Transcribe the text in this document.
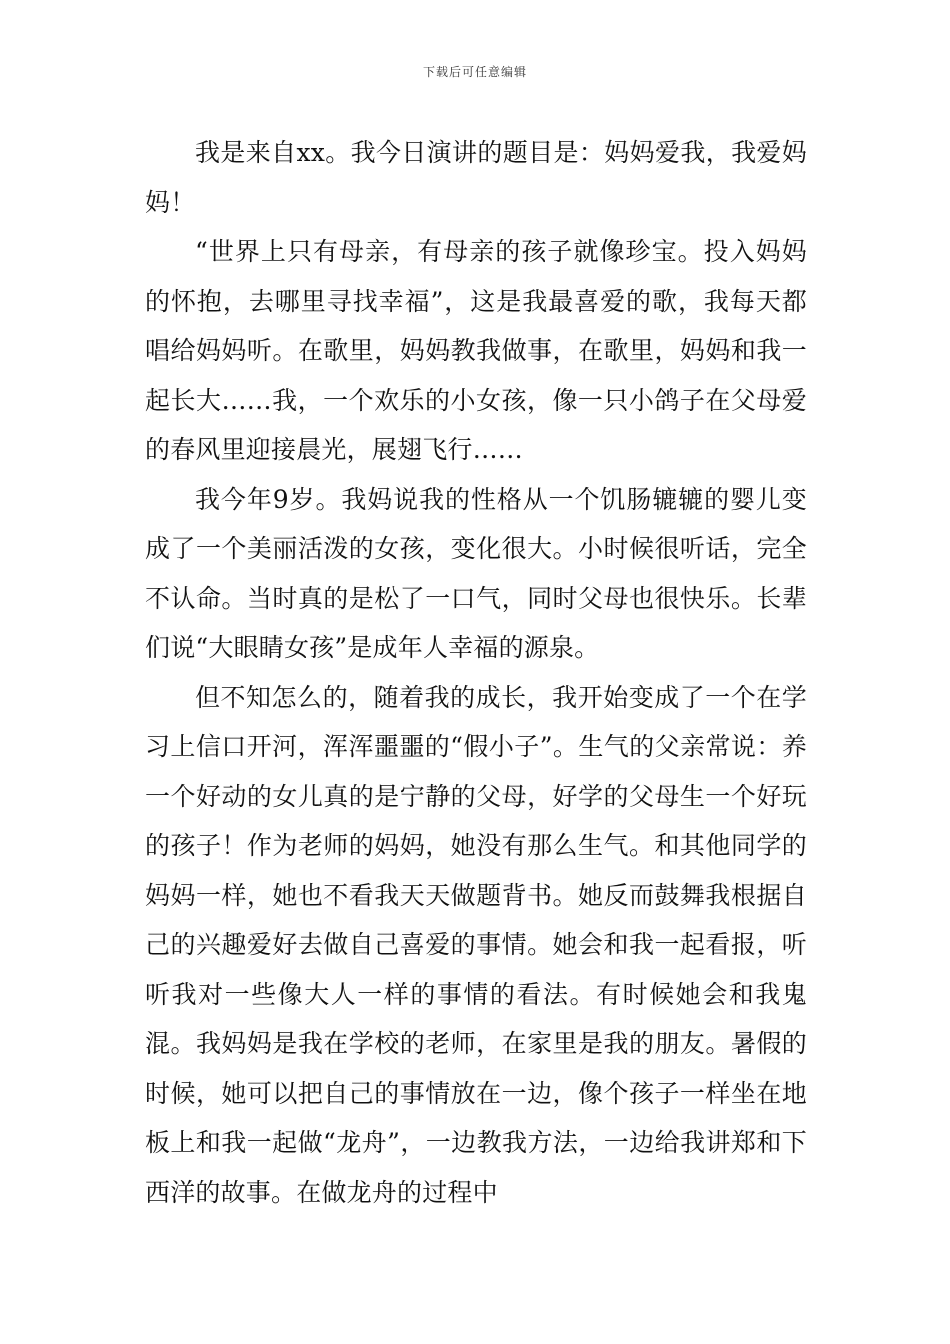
下载后可任意编辑

我是来自xx。我今日演讲的题目是：妈妈爱我，我爱妈妈！

“世界上只有母亲，有母亲的孩子就像珍宝。投入妈妈的怀抱，去哪里寻找幸福”，这是我最喜爱的歌，我每天都唱给妈妈听。在歌里，妈妈教我做事，在歌里，妈妈和我一起长大……我，一个欢乐的小女孩，像一只小鸽子在父母爱的春风里迎接晨光，展翅飞行……

我今年9岁。我妈说我的性格从一个饥肠辘辘的婴儿变成了一个美丽活泼的女孩，变化很大。小时候很听话，完全不认命。当时真的是松了一口气，同时父母也很快乐。长辈们说“大眼睛女孩”是成年人幸福的源泉。

但不知怎么的，随着我的成长，我开始变成了一个在学习上信口开河，浑浑噩噩的“假小子”。生气的父亲常说：养一个好动的女儿真的是宁静的父母，好学的父母生一个好玩的孩子！作为老师的妈妈，她没有那么生气。和其他同学的妈妈一样，她也不看我天天做题背书。她反而鼓舞我根据自己的兴趣爱好去做自己喜爱的事情。她会和我一起看报，听听我对一些像大人一样的事情的看法。有时候她会和我鬼混。我妈妈是我在学校的老师，在家里是我的朋友。暑假的时候，她可以把自己的事情放在一边，像个孩子一样坐在地板上和我一起做“龙舟”，一边教我方法，一边给我讲郑和下西洋的故事。在做龙舟的过程中
